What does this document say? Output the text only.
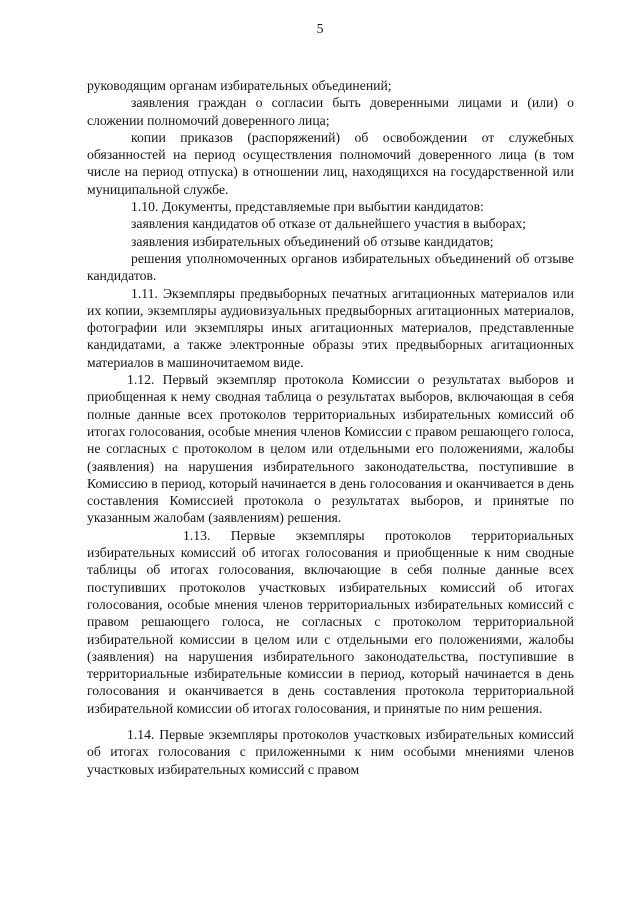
5

руководящим органам избирательных объединений;

заявления граждан о согласии быть доверенными лицами и (или) о сложении полномочий доверенного лица;

копии приказов (распоряжений) об освобождении от служебных обязанностей на период осуществления полномочий доверенного лица (в том числе на период отпуска) в отношении лиц, находящихся на государственной или муниципальной службе.

1.10. Документы, представляемые при выбытии кандидатов:

заявления кандидатов об отказе от дальнейшего участия в выборах;

заявления избирательных объединений об отзыве кандидатов;

решения уполномоченных органов избирательных объединений об отзыве кандидатов.

1.11. Экземпляры предвыборных печатных агитационных материалов или их копии, экземпляры аудиовизуальных предвыборных агитационных материалов, фотографии или экземпляры иных агитационных материалов, представленные кандидатами, а также электронные образы этих предвыборных агитационных материалов в машиночитаемом виде.

1.12. Первый экземпляр протокола Комиссии о результатах выборов и приобщенная к нему сводная таблица о результатах выборов, включающая в себя полные данные всех протоколов территориальных избирательных комиссий об итогах голосования, особые мнения членов Комиссии с правом решающего голоса, не согласных с протоколом в целом или отдельными его положениями, жалобы (заявления) на нарушения избирательного законодательства, поступившие в Комиссию в период, который начинается в день голосования и оканчивается в день составления Комиссией протокола о результатах выборов, и принятые по указанным жалобам (заявлениям) решения.

1.13. Первые экземпляры протоколов территориальных избирательных комиссий об итогах голосования и приобщенные к ним сводные таблицы об итогах голосования, включающие в себя полные данные всех поступивших протоколов участковых избирательных комиссий об итогах голосования, особые мнения членов территориальных избирательных комиссий с правом решающего голоса, не согласных с протоколом территориальной избирательной комиссии в целом или с отдельными его положениями, жалобы (заявления) на нарушения избирательного законодательства, поступившие в территориальные избирательные комиссии в период, который начинается в день голосования и оканчивается в день составления протокола территориальной избирательной комиссии об итогах голосования, и принятые по ним решения.

1.14. Первые экземпляры протоколов участковых избирательных комиссий об итогах голосования с приложенными к ним особыми мнениями членов участковых избирательных комиссий с правом
